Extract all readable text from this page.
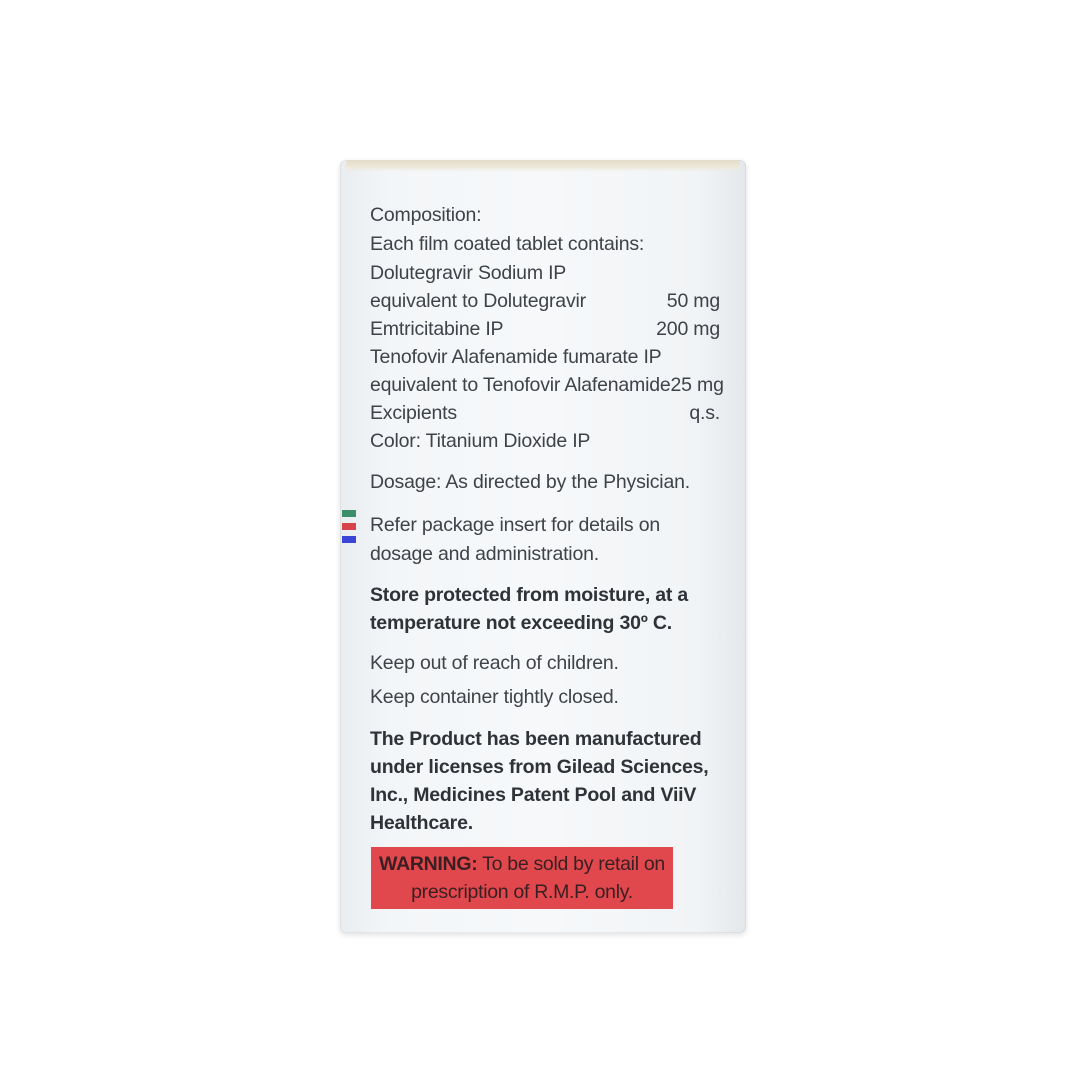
Composition:
Each film coated tablet contains:
Dolutegravir Sodium IP
equivalent to Dolutegravir	50 mg
Emtricitabine IP	200 mg
Tenofovir Alafenamide fumarate IP
equivalent to Tenofovir Alafenamide 25 mg
Excipients	q.s.
Color: Titanium Dioxide IP
Dosage: As directed by the Physician.
Refer package insert for details on
dosage and administration.
Store protected from moisture, at a
temperature not exceeding 30º C.
Keep out of reach of children.
Keep container tightly closed.
The Product has been manufactured
under licenses from Gilead Sciences,
Inc., Medicines Patent Pool and ViiV
Healthcare.
WARNING: To be sold by retail on
prescription of R.M.P. only.
